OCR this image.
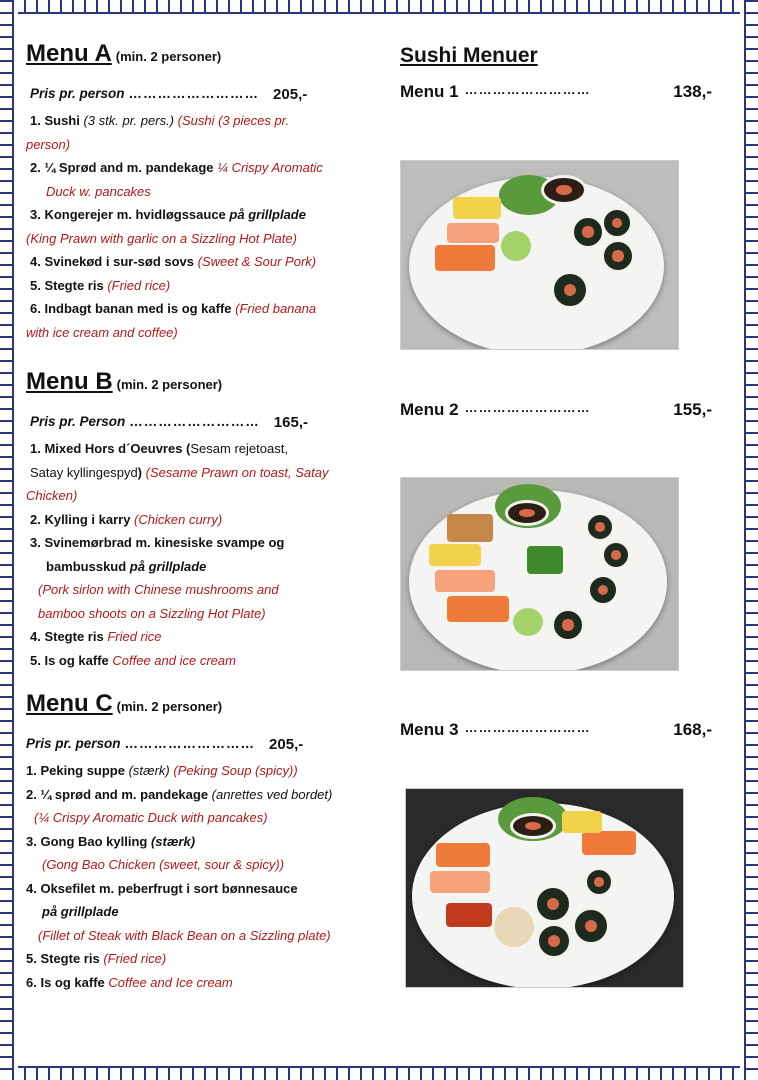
Menu A (min. 2 personer)
Pris pr. person ……………………… 205,-
1. Sushi (3 stk. pr. pers.) (Sushi (3 pieces pr.
person)
2. ¼ Sprød and m. pandekage ¼ Crispy Aromatic
Duck w. pancakes
3. Kongerejer m. hvidløgssauce på grillplade
(King Prawn with garlic on a Sizzling Hot Plate)
4. Svinekød i sur-sød sovs (Sweet & Sour Pork)
5. Stegte ris (Fried rice)
6. Indbagt banan med is og kaffe (Fried banana
with ice cream and coffee)
Menu B (min. 2 personer)
Pris pr. Person ……………………… 165,-
1. Mixed Hors d´Oeuvres (Sesam rejetoast,
Satay kyllingespyd) (Sesame Prawn on toast, Satay
Chicken)
2. Kylling i karry (Chicken curry)
3. Svinemørbrad m. kinesiske svampe og
bambusskud på grillplade
(Pork sirlon with Chinese mushrooms and
bamboo shoots on a Sizzling Hot Plate)
4. Stegte ris Fried rice
5. Is og kaffe Coffee and ice cream
Menu C (min. 2 personer)
Pris pr. person ……………………… 205,-
1. Peking suppe (stærk) (Peking Soup (spicy))
2. ¼ sprød and m. pandekage (anrettes ved bordet)
(¼ Crispy Aromatic Duck with pancakes)
3. Gong Bao kylling (stærk)
(Gong Bao Chicken (sweet, sour & spicy))
4. Oksefilet m. peberfrugt i sort bønnesauce
på grillplade
(Fillet of Steak with Black Bean on a Sizzling plate)
5. Stegte ris (Fried rice)
6. Is og kaffe Coffee and Ice cream
Sushi Menuer
Menu 1 ………………………	138,-
Menu 2 ………………………	155,-
Menu 3 ………………………	168,-
